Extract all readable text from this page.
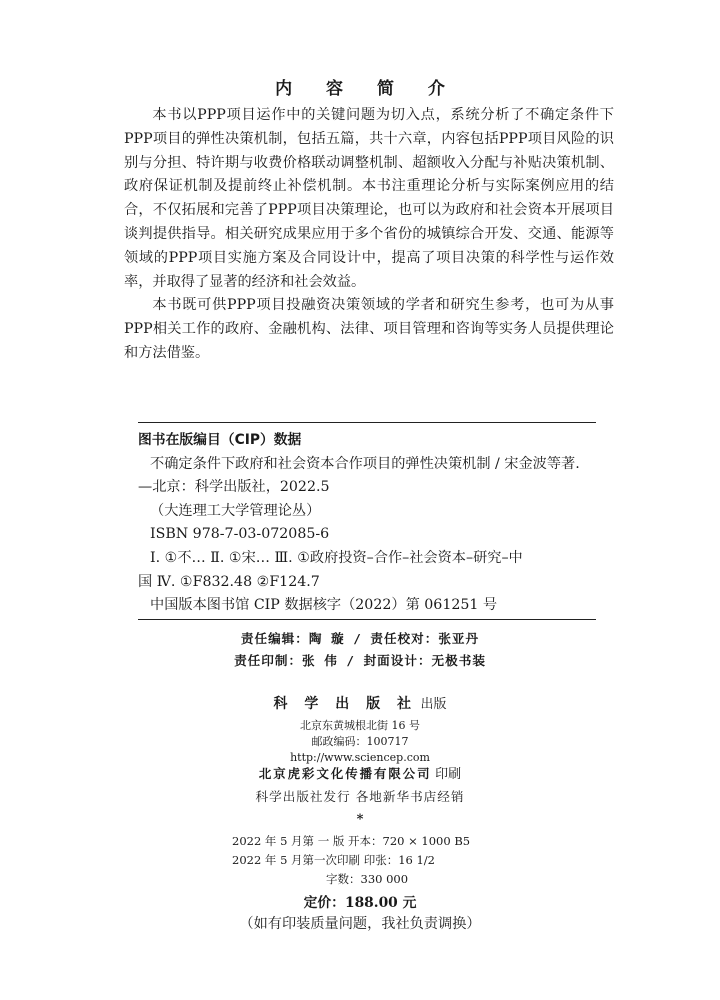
内 容 简 介

本书以PPP项目运作中的关键问题为切入点，系统分析了不确定条件下PPP项目的弹性决策机制，包括五篇，共十六章，内容包括PPP项目风险的识别与分担、特许期与收费价格联动调整机制、超额收入分配与补贴决策机制、政府保证机制及提前终止补偿机制。本书注重理论分析与实际案例应用的结合，不仅拓展和完善了PPP项目决策理论，也可以为政府和社会资本开展项目谈判提供指导。相关研究成果应用于多个省份的城镇综合开发、交通、能源等领域的PPP项目实施方案及合同设计中，提高了项目决策的科学性与运作效率，并取得了显著的经济和社会效益。

本书既可供PPP项目投融资决策领域的学者和研究生参考，也可为从事PPP相关工作的政府、金融机构、法律、项目管理和咨询等实务人员提供理论和方法借鉴。

图书在版编目（CIP）数据
不确定条件下政府和社会资本合作项目的弹性决策机制 / 宋金波等著.
—北京：科学出版社，2022.5
（大连理工大学管理论丛）
ISBN 978-7-03-072085-6
Ⅰ. ①不… Ⅱ. ①宋… Ⅲ. ①政府投资–合作–社会资本–研究–中
国 Ⅳ. ①F832.48 ②F124.7
中国版本图书馆 CIP 数据核字（2022）第 061251 号
责任编辑：陶 璇 / 责任校对：张亚丹
责任印制：张 伟 / 封面设计：无极书装
科 学 出 版 社 出版
北京东黄城根北街 16 号
邮政编码：100717
http://www.sciencep.com
北京虎彩文化传播有限公司 印刷
科学出版社发行 各地新华书店经销
*
2022 年 5 月第 一 版 开本：720 × 1000 B5
2022 年 5 月第一次印刷 印张：16 1/2
字数：330 000
定价：188.00 元
（如有印装质量问题，我社负责调换）
